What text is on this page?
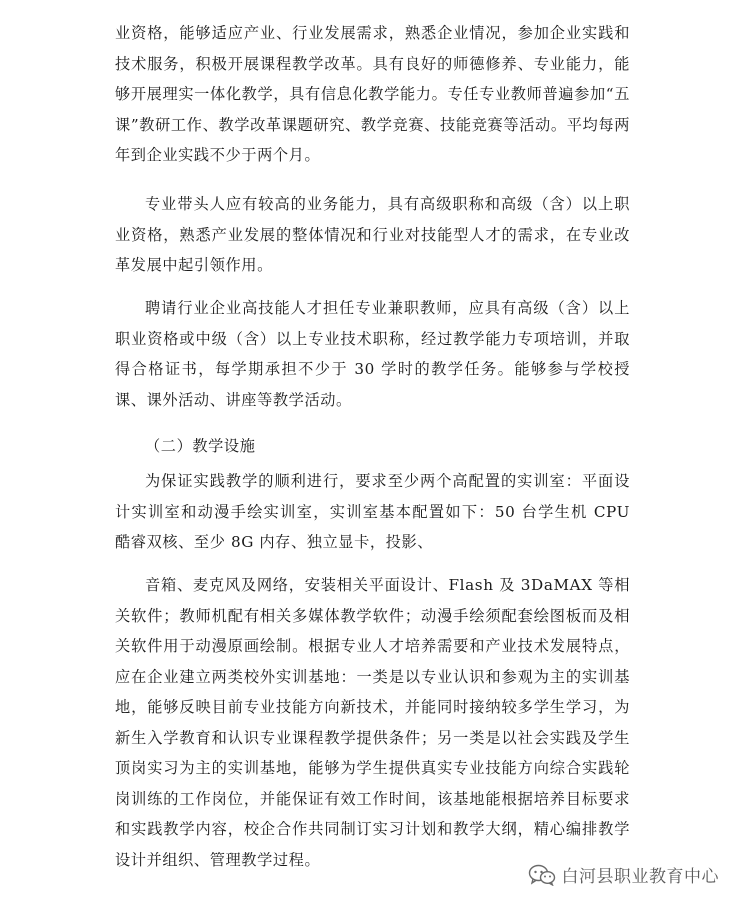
业资格，能够适应产业、行业发展需求，熟悉企业情况，参加企业实践和技术服务，积极开展课程教学改革。具有良好的师德修养、专业能力，能够开展理实一体化教学，具有信息化教学能力。专任专业教师普遍参加“五课”教研工作、教学改革课题研究、教学竞赛、技能竞赛等活动。平均每两年到企业实践不少于两个月。

专业带头人应有较高的业务能力，具有高级职称和高级（含）以上职业资格，熟悉产业发展的整体情况和行业对技能型人才的需求，在专业改革发展中起引领作用。

聘请行业企业高技能人才担任专业兼职教师，应具有高级（含）以上职业资格或中级（含）以上专业技术职称，经过教学能力专项培训，并取得合格证书，每学期承担不少于 30 学时的教学任务。能够参与学校授课、课外活动、讲座等教学活动。

（二）教学设施

为保证实践教学的顺利进行，要求至少两个高配置的实训室：平面设计实训室和动漫手绘实训室，实训室基本配置如下：50 台学生机 CPU 酷睿双核、至少 8G 内存、独立显卡，投影、

音箱、麦克风及网络，安装相关平面设计、Flash 及 3DaMAX 等相关软件；教师机配有相关多媒体教学软件；动漫手绘须配套绘图板而及相关软件用于动漫原画绘制。根据专业人才培养需要和产业技术发展特点，应在企业建立两类校外实训基地：一类是以专业认识和参观为主的实训基地，能够反映目前专业技能方向新技术，并能同时接纳较多学生学习，为新生入学教育和认识专业课程教学提供条件；另一类是以社会实践及学生顶岗实习为主的实训基地，能够为学生提供真实专业技能方向综合实践轮岗训练的工作岗位，并能保证有效工作时间，该基地能根据培养目标要求和实践教学内容，校企合作共同制订实习计划和教学大纲，精心编排教学设计并组织、管理教学过程。

白河县职业教育中心
